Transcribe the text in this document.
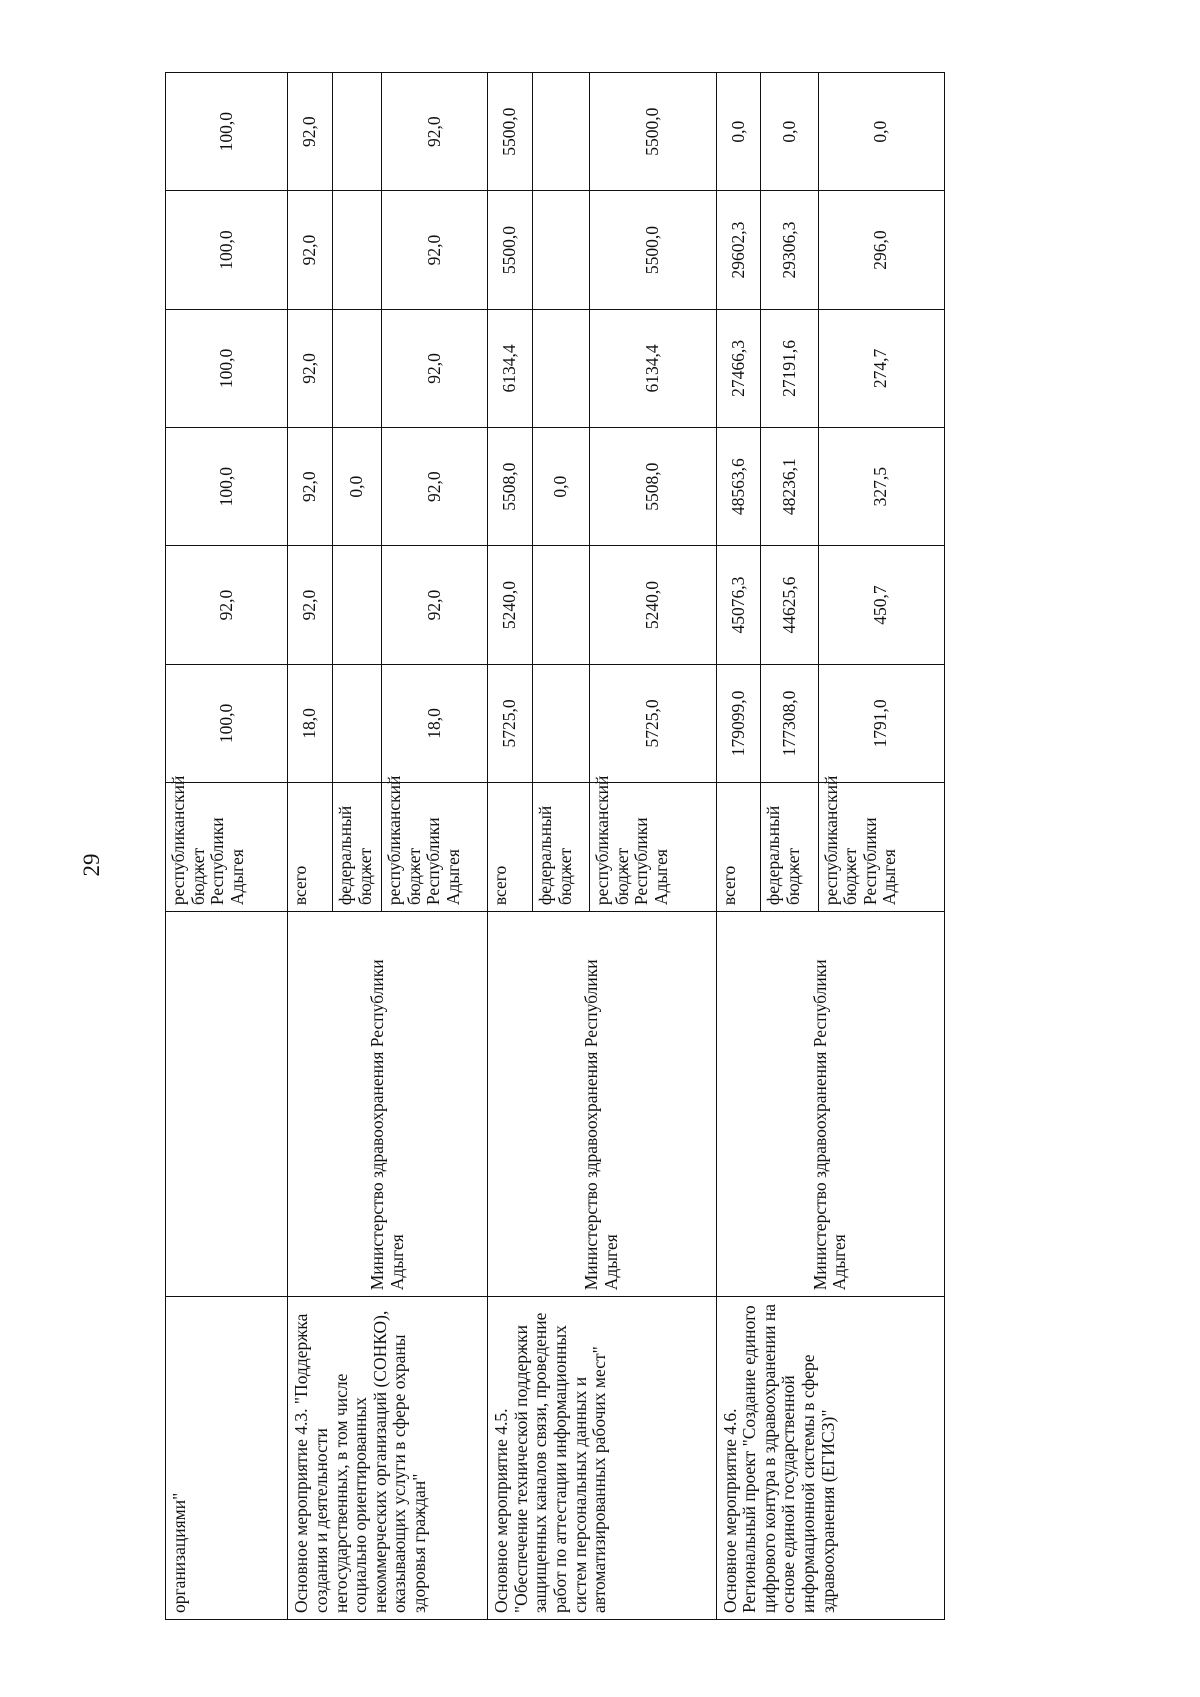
29
организациями"		республиканский бюджет Республики Адыгея	100,0	92,0	100,0	100,0	100,0	100,0
Основное мероприятие 4.3. "Поддержка создания и деятельности негосударственных, в том числе социально ориентированных некоммерческих организаций (СОНКО), оказывающих услуги в сфере охраны здоровья граждан"	Министерство здравоохранения Республики Адыгея	всего	18,0	92,0	92,0	92,0	92,0	92,0
		федеральный бюджет			0,0			
		республиканский бюджет Республики Адыгея	18,0	92,0	92,0	92,0	92,0	92,0
Основное мероприятие 4.5. "Обеспечение технической поддержки защищенных каналов связи, проведение работ по аттестации информационных систем персональных данных и автоматизированных рабочих мест"	Министерство здравоохранения Республики Адыгея	всего	5725,0	5240,0	5508,0	6134,4	5500,0	5500,0
		федеральный бюджет			0,0			
		республиканский бюджет Республики Адыгея	5725,0	5240,0	5508,0	6134,4	5500,0	5500,0
Основное мероприятие 4.6. Региональный проект "Создание единого цифрового контура в здравоохранении на основе единой государственной информационной системы в сфере здравоохранения (ЕГИСЗ)"	Министерство здравоохранения Республики Адыгея	всего	179099,0	45076,3	48563,6	27466,3	29602,3	0,0
		федеральный бюджет	177308,0	44625,6	48236,1	27191,6	29306,3	0,0
		республиканский бюджет Республики Адыгея	1791,0	450,7	327,5	274,7	296,0	0,0
